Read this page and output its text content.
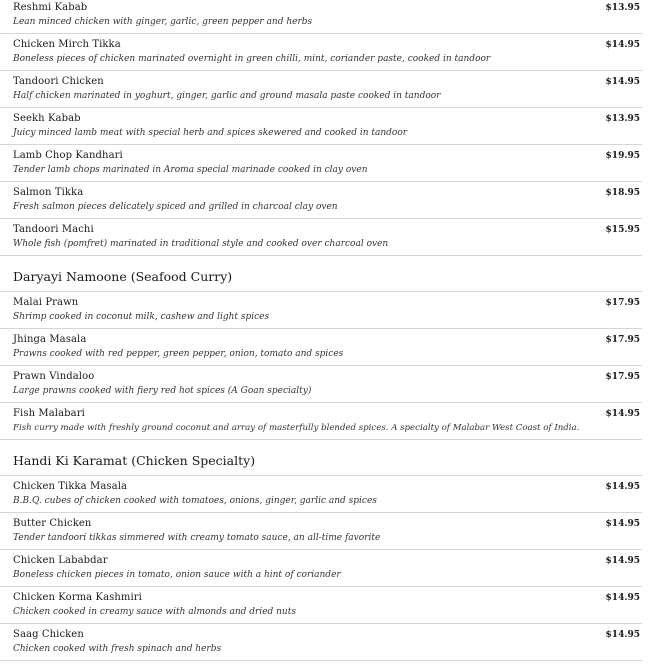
Reshmi Kabab
Lean minced chicken with ginger, garlic, green pepper and herbs
$13.95
Chicken Mirch Tikka
Boneless pieces of chicken marinated overnight in green chilli, mint, coriander paste, cooked in tandoor
$14.95
Tandoori Chicken
Half chicken marinated in yoghurt, ginger, garlic and ground masala paste cooked in tandoor
$14.95
Seekh Kabab
Juicy minced lamb meat with special herb and spices skewered and cooked in tandoor
$13.95
Lamb Chop Kandhari
Tender lamb chops marinated in Aroma special marinade cooked in clay oven
$19.95
Salmon Tikka
Fresh salmon pieces delicately spiced and grilled in charcoal clay oven
$18.95
Tandoori Machi
Whole fish (pomfret) marinated in traditional style and cooked over charcoal oven
$15.95
Daryayi Namoone (Seafood Curry)
Malai Prawn
Shrimp cooked in coconut milk, cashew and light spices
$17.95
Jhinga Masala
Prawns cooked with red pepper, green pepper, onion, tomato and spices
$17.95
Prawn Vindaloo
Large prawns cooked with fiery red hot spices (A Goan specialty)
$17.95
Fish Malabari
Fish curry made with freshly ground coconut and array of masterfully blended spices. A specialty of Malabar West Coast of India.
$14.95
Handi Ki Karamat (Chicken Specialty)
Chicken Tikka Masala
B.B.Q. cubes of chicken cooked with tomatoes, onions, ginger, garlic and spices
$14.95
Butter Chicken
Tender tandoori tikkas simmered with creamy tomato sauce, an all-time favorite
$14.95
Chicken Lababdar
Boneless chicken pieces in tomato, onion sauce with a hint of coriander
$14.95
Chicken Korma Kashmiri
Chicken cooked in creamy sauce with almonds and dried nuts
$14.95
Saag Chicken
Chicken cooked with fresh spinach and herbs
$14.95
